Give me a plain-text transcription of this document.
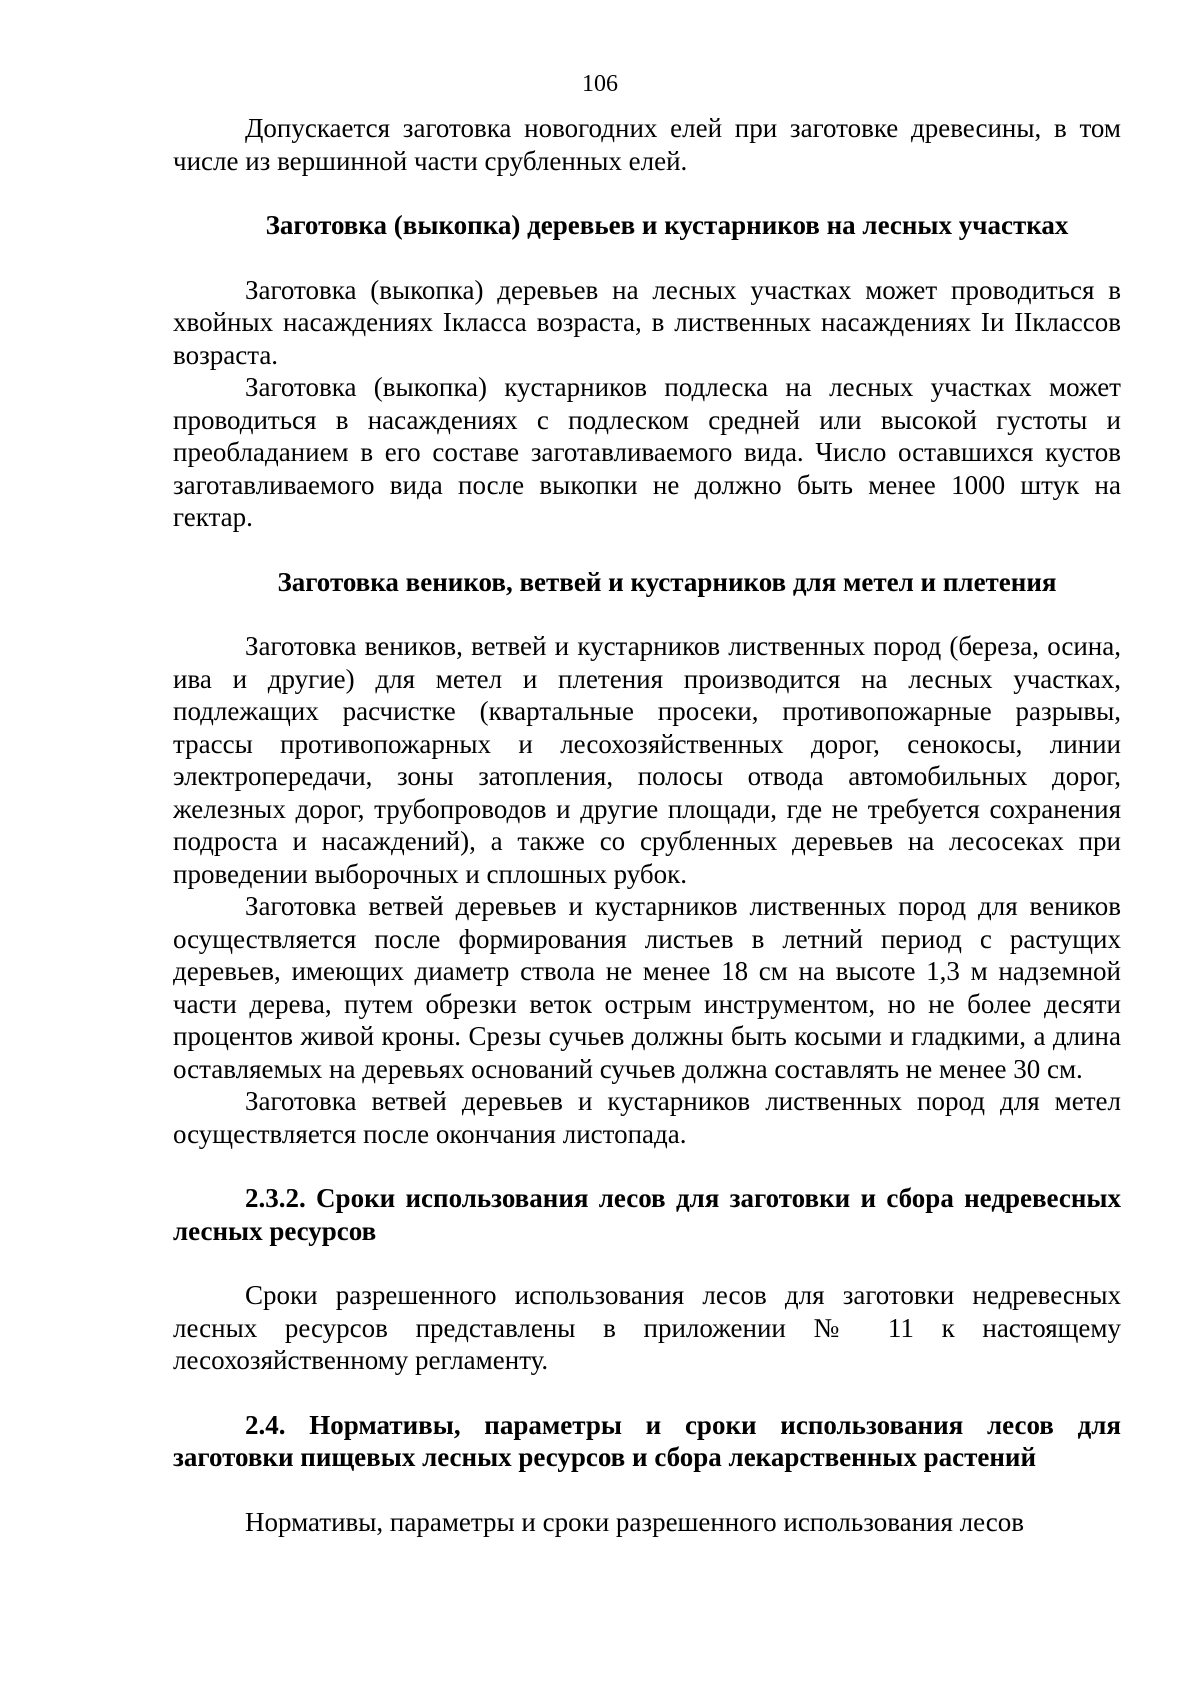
106

Допускается заготовка новогодних елей при заготовке древесины, в том числе из вершинной части срубленных елей.

Заготовка (выкопка) деревьев и кустарников на лесных участках

Заготовка (выкопка) деревьев на лесных участках может проводиться в хвойных насаждениях Iкласса возраста, в лиственных насаждениях Iи IIклассов возраста.

Заготовка (выкопка) кустарников подлеска на лесных участках может проводиться в насаждениях с подлеском средней или высокой густоты и преобладанием в его составе заготавливаемого вида. Число оставшихся кустов заготавливаемого вида после выкопки не должно быть менее 1000 штук на гектар.

Заготовка веников, ветвей и кустарников для метел и плетения

Заготовка веников, ветвей и кустарников лиственных пород (береза, осина, ива и другие) для метел и плетения производится на лесных участках, подлежащих расчистке (квартальные просеки, противопожарные разрывы, трассы противопожарных и лесохозяйственных дорог, сенокосы, линии электропередачи, зоны затопления, полосы отвода автомобильных дорог, железных дорог, трубопроводов и другие площади, где не требуется сохранения подроста и насаждений), а также со срубленных деревьев на лесосеках при проведении выборочных и сплошных рубок.

Заготовка ветвей деревьев и кустарников лиственных пород для веников осуществляется после формирования листьев в летний период с растущих деревьев, имеющих диаметр ствола не менее 18 см на высоте 1,3 м надземной части дерева, путем обрезки веток острым инструментом, но не более десяти процентов живой кроны. Срезы сучьев должны быть косыми и гладкими, а длина оставляемых на деревьях оснований сучьев должна составлять не менее 30 см.

Заготовка ветвей деревьев и кустарников лиственных пород для метел осуществляется после окончания листопада.

2.3.2. Сроки использования лесов для заготовки и сбора недревесных лесных ресурсов

Сроки разрешенного использования лесов для заготовки недревесных лесных ресурсов представлены в приложении № 11 к настоящему лесохозяйственному регламенту.

2.4. Нормативы, параметры и сроки использования лесов для заготовки пищевых лесных ресурсов и сбора лекарственных растений

Нормативы, параметры и сроки разрешенного использования лесов
